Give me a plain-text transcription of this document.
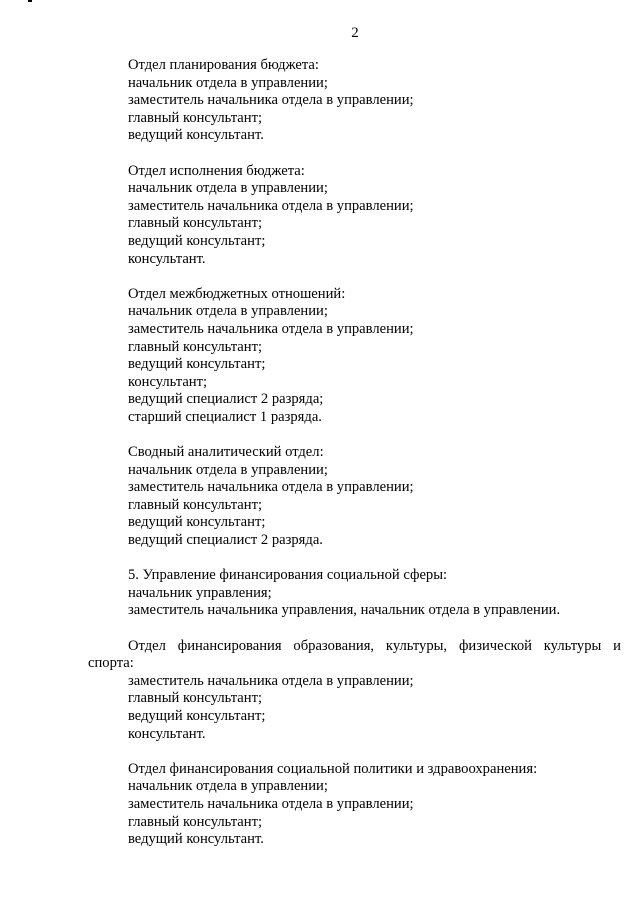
2
Отдел планирования бюджета:
начальник отдела в управлении;
заместитель начальника отдела в управлении;
главный консультант;
ведущий консультант.
Отдел исполнения бюджета:
начальник отдела в управлении;
заместитель начальника отдела в управлении;
главный консультант;
ведущий консультант;
консультант.
Отдел межбюджетных отношений:
начальник отдела в управлении;
заместитель начальника отдела в управлении;
главный консультант;
ведущий консультант;
консультант;
ведущий специалист 2 разряда;
старший специалист 1 разряда.
Сводный аналитический отдел:
начальник отдела в управлении;
заместитель начальника отдела в управлении;
главный консультант;
ведущий консультант;
ведущий специалист 2 разряда.
5. Управление финансирования социальной сферы:
начальник управления;
заместитель начальника управления, начальник отдела в управлении.
Отдел финансирования образования, культуры, физической культуры и спорта:
заместитель начальника отдела в управлении;
главный консультант;
ведущий консультант;
консультант.
Отдел финансирования социальной политики и здравоохранения:
начальник отдела в управлении;
заместитель начальника отдела в управлении;
главный консультант;
ведущий консультант.
